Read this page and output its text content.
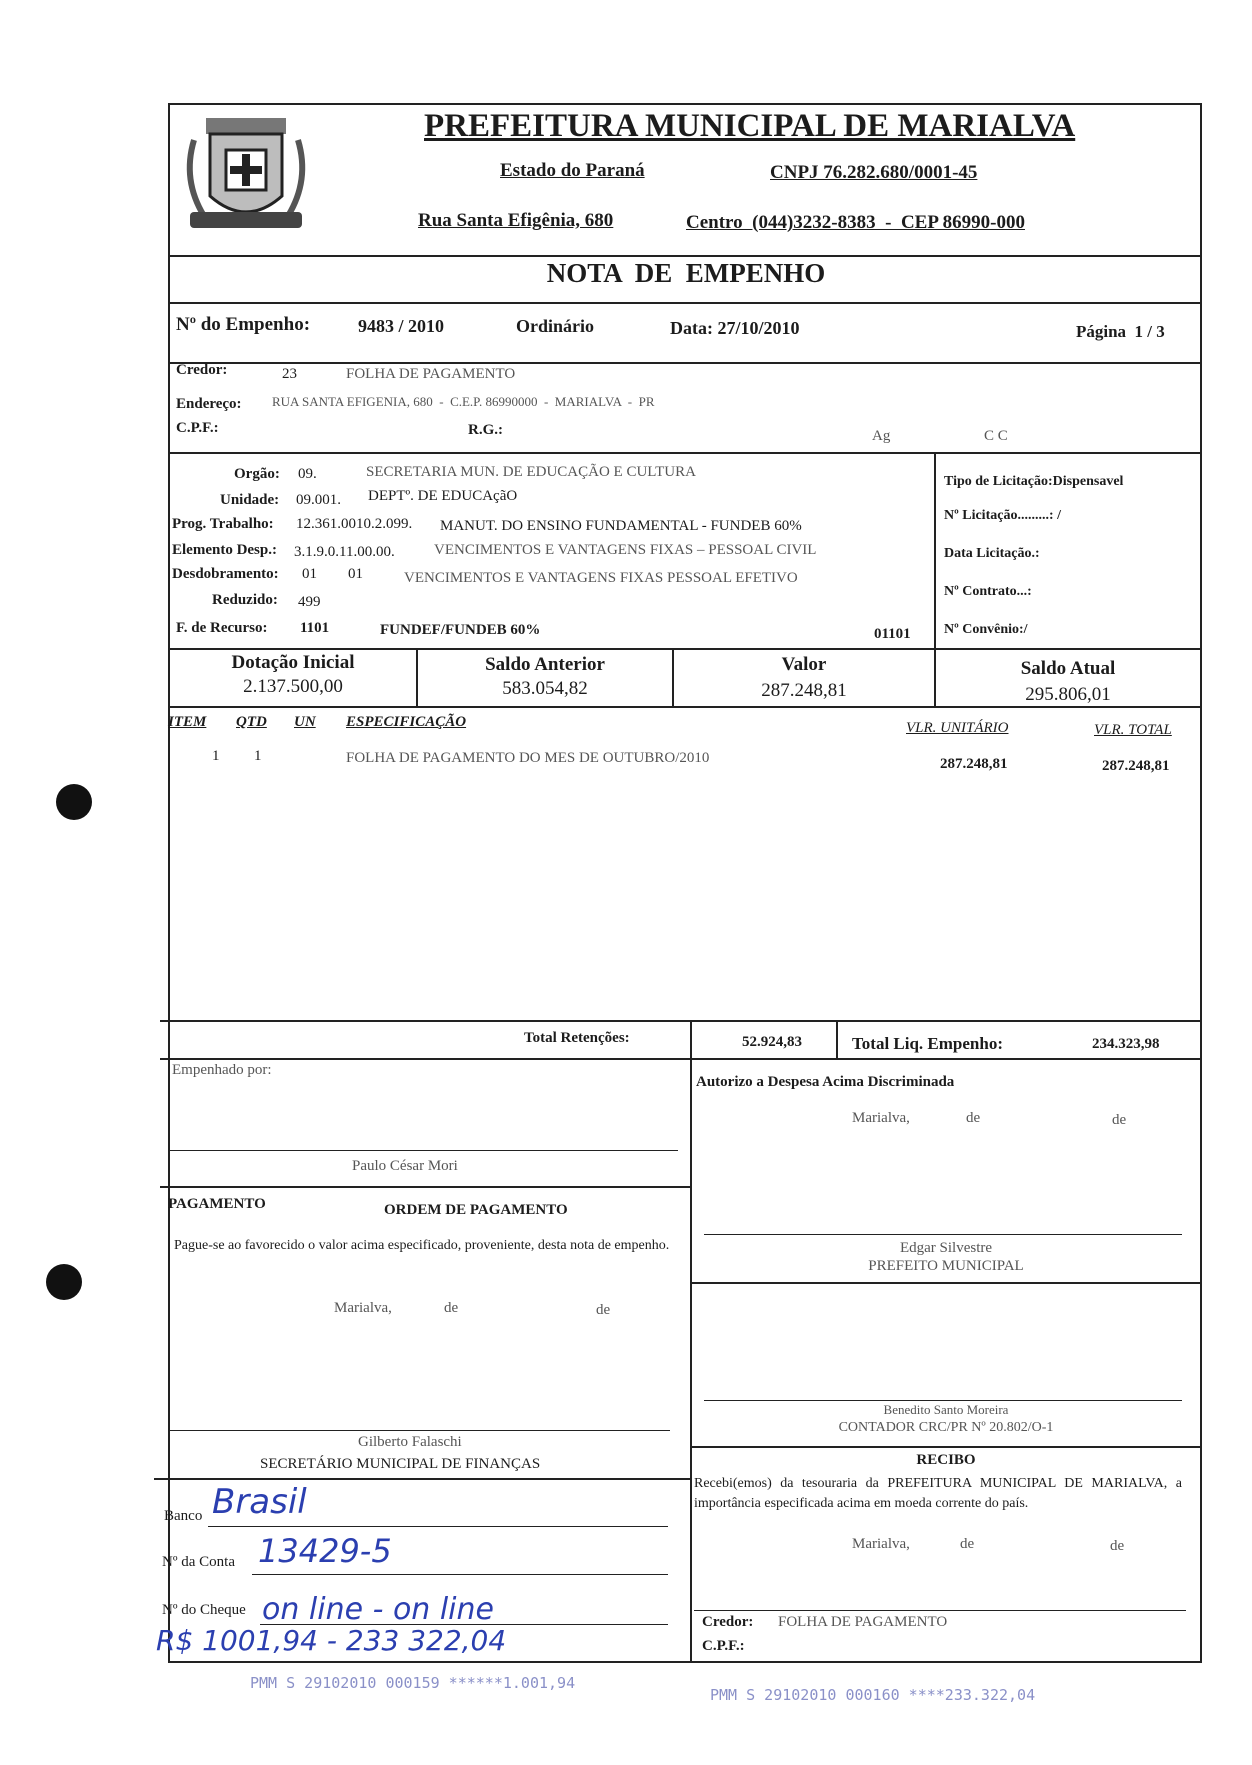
PREFEITURA MUNICIPAL DE MARIALVA
Estado do Paraná	CNPJ 76.282.680/0001-45
Rua Santa Efigênia, 680	Centro  (044)3232-8383  -  CEP 86990-000
NOTA  DE  EMPENHO
Nº do Empenho:	9483 / 2010	Ordinário	Data: 27/10/2010	Página  1 / 3
Credor:	23	FOLHA DE PAGAMENTO
Endereço: RUA SANTA EFIGENIA, 680  -  C.E.P. 86990000  -  MARIALVA  -  PR
C.P.F.:	R.G.:	Ag	C C
Orgão: 09.	SECRETARIA MUN. DE EDUCAÇÃO E CULTURA
Unidade: 09.001. DEPTº. DE EDUCAçãO
Prog. Trabalho: 12.361.0010.2.099. MANUT. DO ENSINO FUNDAMENTAL - FUNDEB 60%
Elemento Desp.: 3.1.9.0.11.00.00.	VENCIMENTOS E VANTAGENS FIXAS – PESSOAL CIVIL
Desdobramento: 01 01	VENCIMENTOS E VANTAGENS FIXAS PESSOAL EFETIVO
Reduzido: 499
F. de Recurso: 1101	FUNDEF/FUNDEB 60%	01101
Tipo de Licitação:Dispensavel
Nº Licitação.........: /
Data Licitação.:
Nº Contrato...:
Nº Convênio:/
Dotação Inicial
2.137.500,00
Saldo Anterior
583.054,82
Valor
287.248,81
Saldo Atual
295.806,01
ITEM QTD UN ESPECIFICAÇÃO	VLR. UNITÁRIO	VLR. TOTAL
1 1	FOLHA DE PAGAMENTO DO MES DE OUTUBRO/2010	287.248,81	287.248,81
Total Retenções:	52.924,83	Total Liq. Empenho:	234.323,98
Empenhado por:
Paulo César Mori
PAGAMENTO	ORDEM DE PAGAMENTO
Pague-se ao favorecido o valor acima especificado, proveniente, desta nota de empenho.
Marialva,	de	de
Gilberto Falaschi
SECRETÁRIO MUNICIPAL DE FINANÇAS
Banco Brasil
Nº da Conta 13429-5
Nº do Cheque on line - on line
R$ 1001,94 - 233 322,04
Autorizo a Despesa Acima Discriminada
Marialva,	de	de
Edgar Silvestre
PREFEITO MUNICIPAL
Benedito Santo Moreira
CONTADOR CRC/PR Nº 20.802/O-1
RECIBO
Recebi(emos) da tesouraria da PREFEITURA MUNICIPAL DE MARIALVA, a importância especificada acima em moeda corrente do país.
Marialva,	de	de
Credor: FOLHA DE PAGAMENTO
C.P.F.:
PMM S 29102010 000159 ******1.001,94
PMM S 29102010 000160 ****233.322,04
